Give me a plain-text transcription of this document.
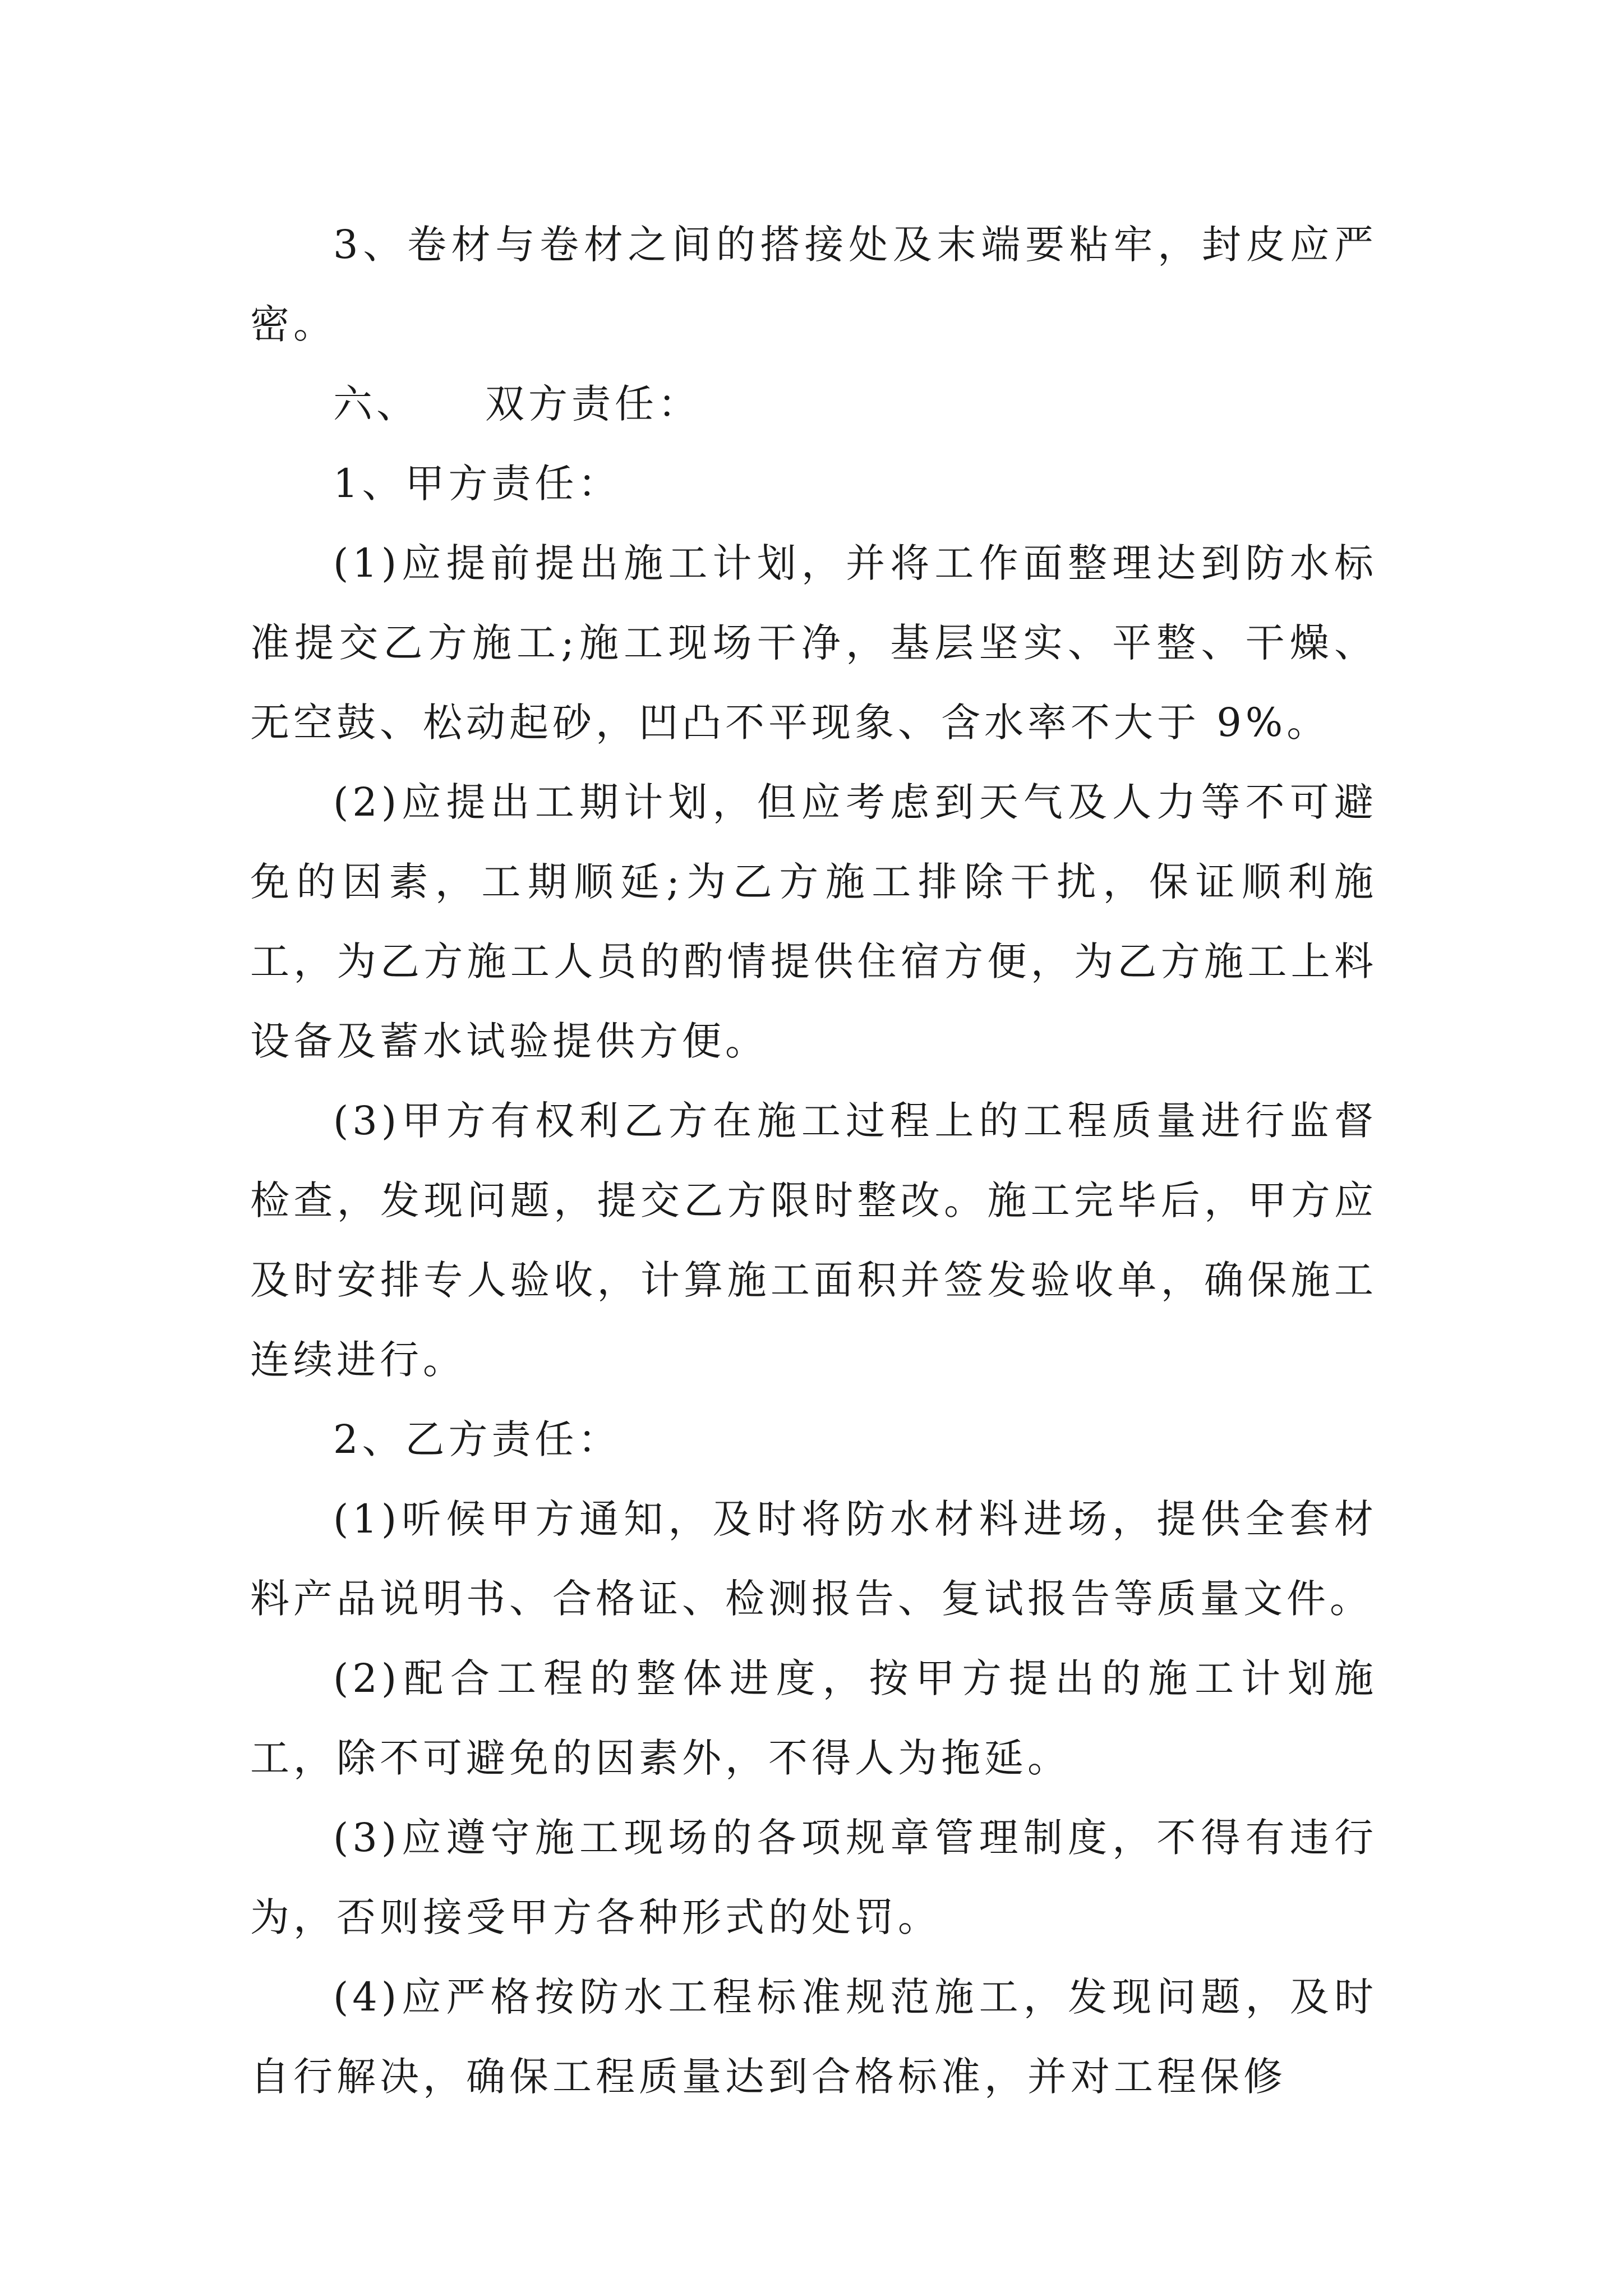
3、卷材与卷材之间的搭接处及末端要粘牢，封皮应严密。

六、    双方责任：

1、甲方责任：

(1)应提前提出施工计划，并将工作面整理达到防水标准提交乙方施工;施工现场干净，基层坚实、平整、干燥、无空鼓、松动起砂，凹凸不平现象、含水率不大于 9%。

(2)应提出工期计划，但应考虑到天气及人力等不可避免的因素，工期顺延;为乙方施工排除干扰，保证顺利施工，为乙方施工人员的酌情提供住宿方便，为乙方施工上料设备及蓄水试验提供方便。

(3)甲方有权利乙方在施工过程上的工程质量进行监督检查，发现问题，提交乙方限时整改。施工完毕后，甲方应及时安排专人验收，计算施工面积并签发验收单，确保施工连续进行。

2、乙方责任：

(1)听候甲方通知，及时将防水材料进场，提供全套材料产品说明书、合格证、检测报告、复试报告等质量文件。

(2)配合工程的整体进度，按甲方提出的施工计划施工，除不可避免的因素外，不得人为拖延。

(3)应遵守施工现场的各项规章管理制度，不得有违行为，否则接受甲方各种形式的处罚。

(4)应严格按防水工程标准规范施工，发现问题，及时自行解决，确保工程质量达到合格标准，并对工程保修
